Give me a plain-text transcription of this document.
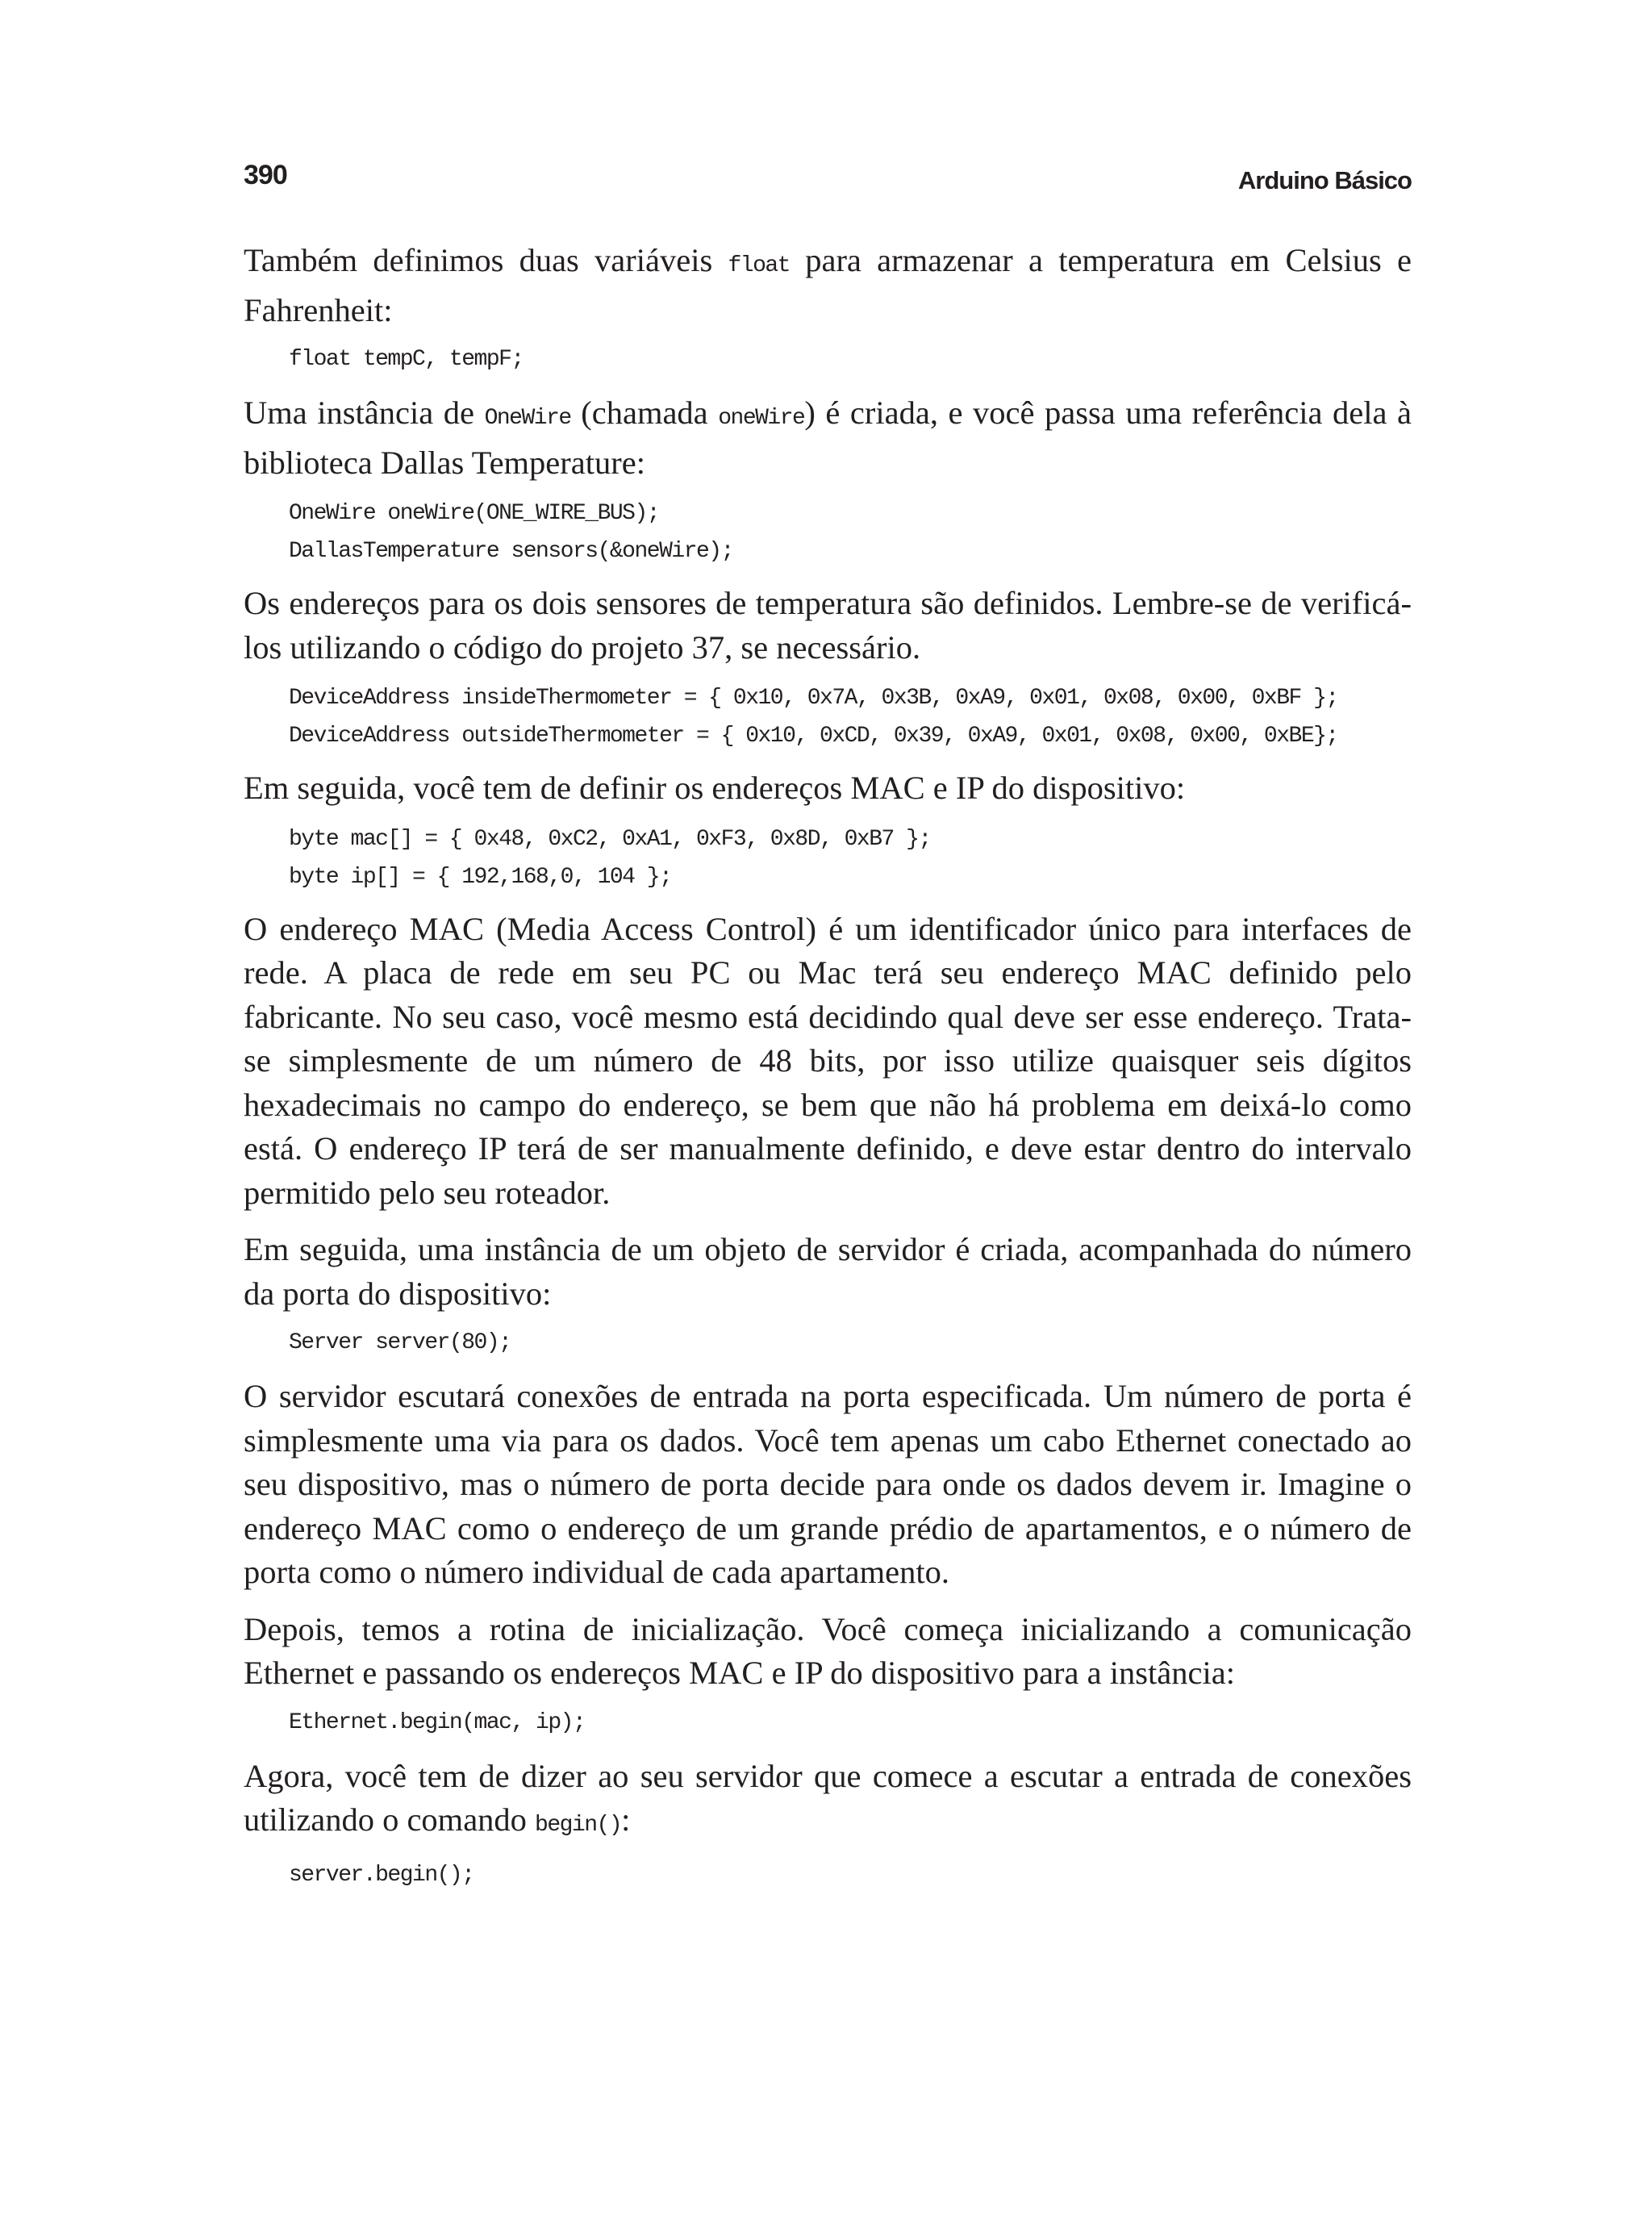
390	Arduino Básico

Também definimos duas variáveis float para armazenar a temperatura em Celsius e Fahrenheit:

float tempC, tempF;

Uma instância de OneWire (chamada oneWire) é criada, e você passa uma referência dela à biblioteca Dallas Temperature:

OneWire oneWire(ONE_WIRE_BUS);
DallasTemperature sensors(&oneWire);

Os endereços para os dois sensores de temperatura são definidos. Lembre-se de verificá-los utilizando o código do projeto 37, se necessário.

DeviceAddress insideThermometer = { 0x10, 0x7A, 0x3B, 0xA9, 0x01, 0x08, 0x00, 0xBF };
DeviceAddress outsideThermometer = { 0x10, 0xCD, 0x39, 0xA9, 0x01, 0x08, 0x00, 0xBE};

Em seguida, você tem de definir os endereços MAC e IP do dispositivo:

byte mac[] = { 0x48, 0xC2, 0xA1, 0xF3, 0x8D, 0xB7 };
byte ip[] = { 192,168,0, 104 };

O endereço MAC (Media Access Control) é um identificador único para interfaces de rede. A placa de rede em seu PC ou Mac terá seu endereço MAC definido pelo fabricante. No seu caso, você mesmo está decidindo qual deve ser esse endereço. Trata-se simplesmente de um número de 48 bits, por isso utilize quaisquer seis dígitos hexadecimais no campo do endereço, se bem que não há problema em deixá-lo como está. O endereço IP terá de ser manualmente definido, e deve estar dentro do intervalo permitido pelo seu roteador.

Em seguida, uma instância de um objeto de servidor é criada, acompanhada do número da porta do dispositivo:

Server server(80);

O servidor escutará conexões de entrada na porta especificada. Um número de porta é simplesmente uma via para os dados. Você tem apenas um cabo Ethernet conectado ao seu dispositivo, mas o número de porta decide para onde os dados devem ir. Imagine o endereço MAC como o endereço de um grande prédio de apartamentos, e o número de porta como o número individual de cada apartamento.

Depois, temos a rotina de inicialização. Você começa inicializando a comunicação Ethernet e passando os endereços MAC e IP do dispositivo para a instância:

Ethernet.begin(mac, ip);

Agora, você tem de dizer ao seu servidor que comece a escutar a entrada de conexões utilizando o comando begin():

server.begin();
